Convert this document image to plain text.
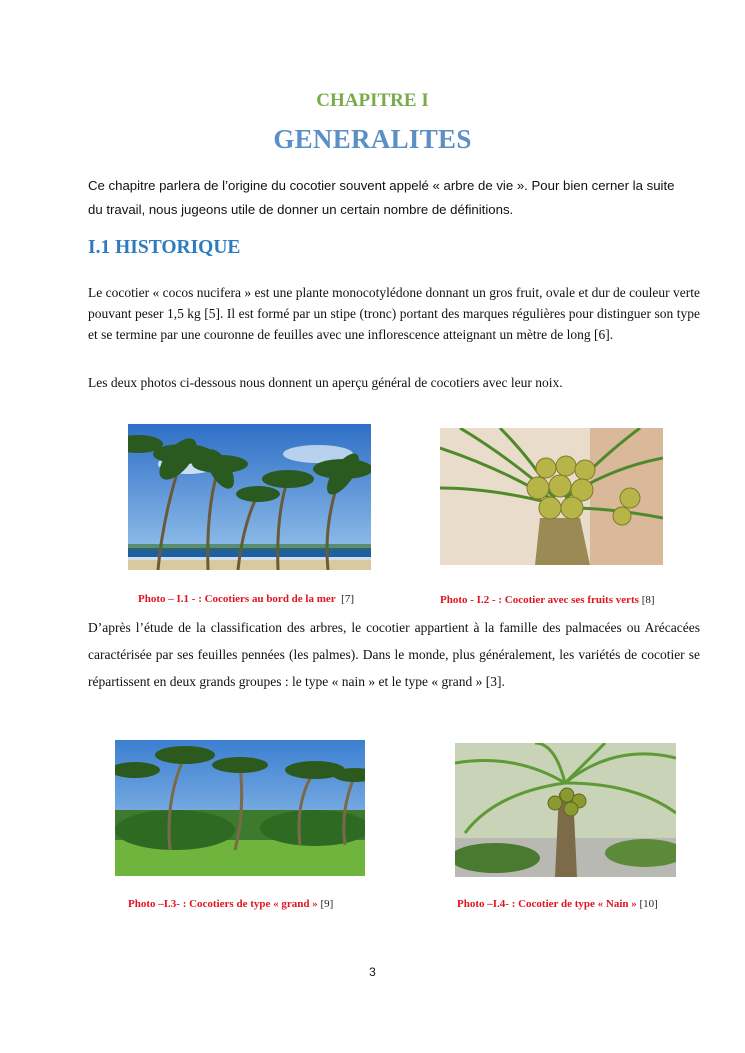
CHAPITRE I
GENERALITES
Ce chapitre parlera de l’origine du cocotier souvent appelé « arbre de vie ». Pour bien cerner la suite du travail, nous jugeons utile de donner un certain nombre de définitions.
I.1 HISTORIQUE
Le cocotier « cocos nucifera » est une plante monocotylédone donnant un gros fruit, ovale et dur de couleur verte pouvant peser 1,5 kg [5]. Il est formé par un stipe (tronc) portant des marques régulières pour distinguer son type et se termine par une couronne de feuilles avec une inflorescence atteignant un mètre de long [6].
Les deux photos ci-dessous nous donnent un aperçu général de cocotiers avec leur noix.
Photo – I.1 - : Cocotiers au bord de la mer [7]	Photo - I.2 - : Cocotier avec ses fruits verts [8]
D’après l’étude de la classification des arbres, le cocotier appartient à la famille des palmacées ou Arécacées caractérisée par ses feuilles pennées (les palmes). Dans le monde, plus généralement, les variétés de cocotier se répartissent en deux grands groupes : le type « nain » et le type « grand » [3].
Photo –I.3- : Cocotiers de type « grand » [9]	Photo –I.4- : Cocotier de type « Nain » [10]
3
